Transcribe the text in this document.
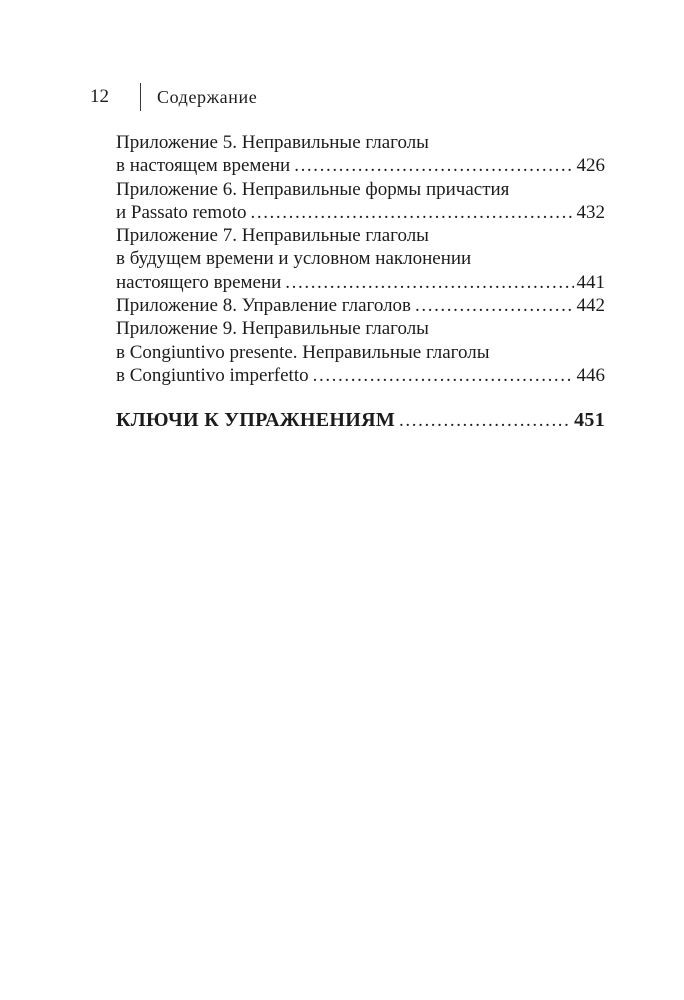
12	Содержание
Приложение 5. Неправильные глаголы
в настоящем времени .....	426
Приложение 6. Неправильные формы причастия
и Passato remoto .....	432
Приложение 7. Неправильные глаголы
в будущем времени и условном наклонении
настоящего времени .....	441
Приложение 8. Управление глаголов .....	442
Приложение 9. Неправильные глаголы
в Congiuntivo presente. Неправильные глаголы
в Congiuntivo imperfetto .....	446
КЛЮЧИ К УПРАЖНЕНИЯМ .....	451
